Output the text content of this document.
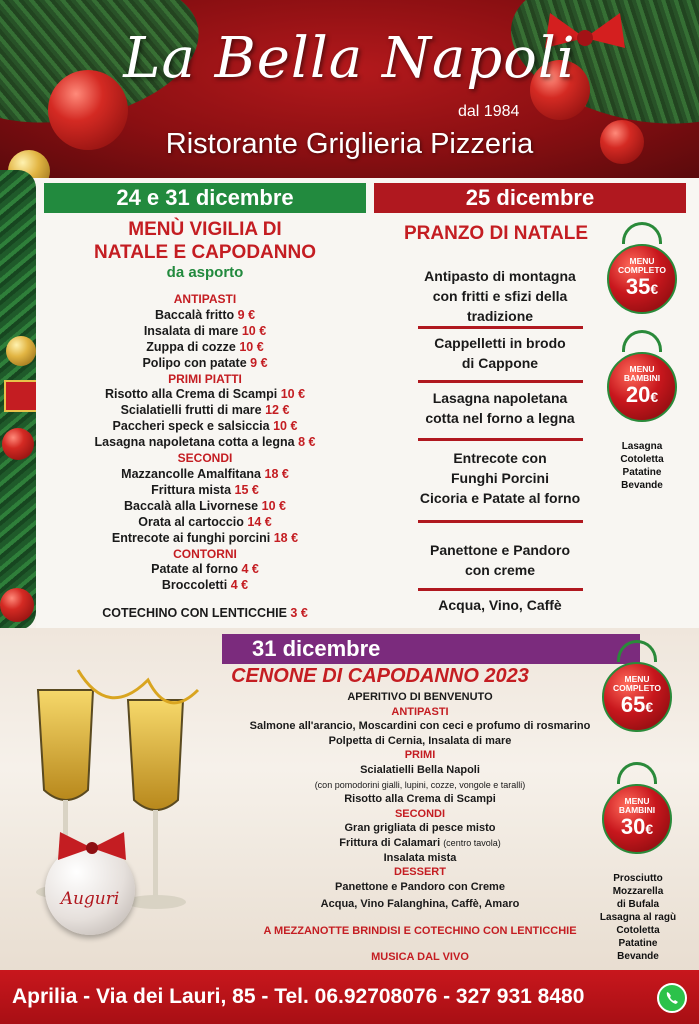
La Bella Napoli
dal 1984
Ristorante Griglieria Pizzeria
24 e 31 dicembre	25 dicembre
MENÙ VIGILIA DI
NATALE E CAPODANNO
da asporto
ANTIPASTI
Baccalà fritto 9 €
Insalata di mare 10 €
Zuppa di cozze 10 €
Polipo con patate 9 €
PRIMI PIATTI
Risotto alla Crema di Scampi 10 €
Scialatielli frutti di mare 12 €
Paccheri speck e salsiccia 10 €
Lasagna napoletana cotta a legna 8 €
SECONDI
Mazzancolle Amalfitana 18 €
Frittura mista 15 €
Baccalà alla Livornese 10 €
Orata al cartoccio 14 €
Entrecote ai funghi porcini 18 €
CONTORNI
Patate al forno 4 €
Broccoletti 4 €
COTECHINO CON LENTICCHIE 3 €
PRANZO DI NATALE
Antipasto di montagna
con fritti e sfizi della
tradizione
Cappelletti in brodo
di Cappone
Lasagna napoletana
cotta nel forno a legna
Entrecote con
Funghi Porcini
Cicoria e Patate al forno
Panettone e Pandoro
con creme
Acqua, Vino, Caffè
MENU
COMPLETO
35€
MENU
BAMBINI
20€
Lasagna
Cotoletta
Patatine
Bevande
31 dicembre
CENONE DI CAPODANNO 2023
Auguri
APERITIVO DI BENVENUTO
ANTIPASTI
Salmone all'arancio, Moscardini con ceci e profumo di rosmarino
Polpetta di Cernia, Insalata di mare
PRIMI
Scialatielli Bella Napoli
(con pomodorini gialli, lupini, cozze, vongole e taralli)
Risotto alla Crema di Scampi
SECONDI
Gran grigliata di pesce misto
Frittura di Calamari (centro tavola)
Insalata mista
DESSERT
Panettone e Pandoro con Creme
Acqua, Vino Falanghina, Caffè, Amaro
A MEZZANOTTE BRINDISI E COTECHINO CON LENTICCHIE
MUSICA DAL VIVO
MENU
COMPLETO
65€
MENU
BAMBINI
30€
Prosciutto
Mozzarella
di Bufala
Lasagna al ragù
Cotoletta
Patatine
Bevande
Aprilia - Via dei Lauri, 85 - Tel. 06.92708076 - 327 931 8480
